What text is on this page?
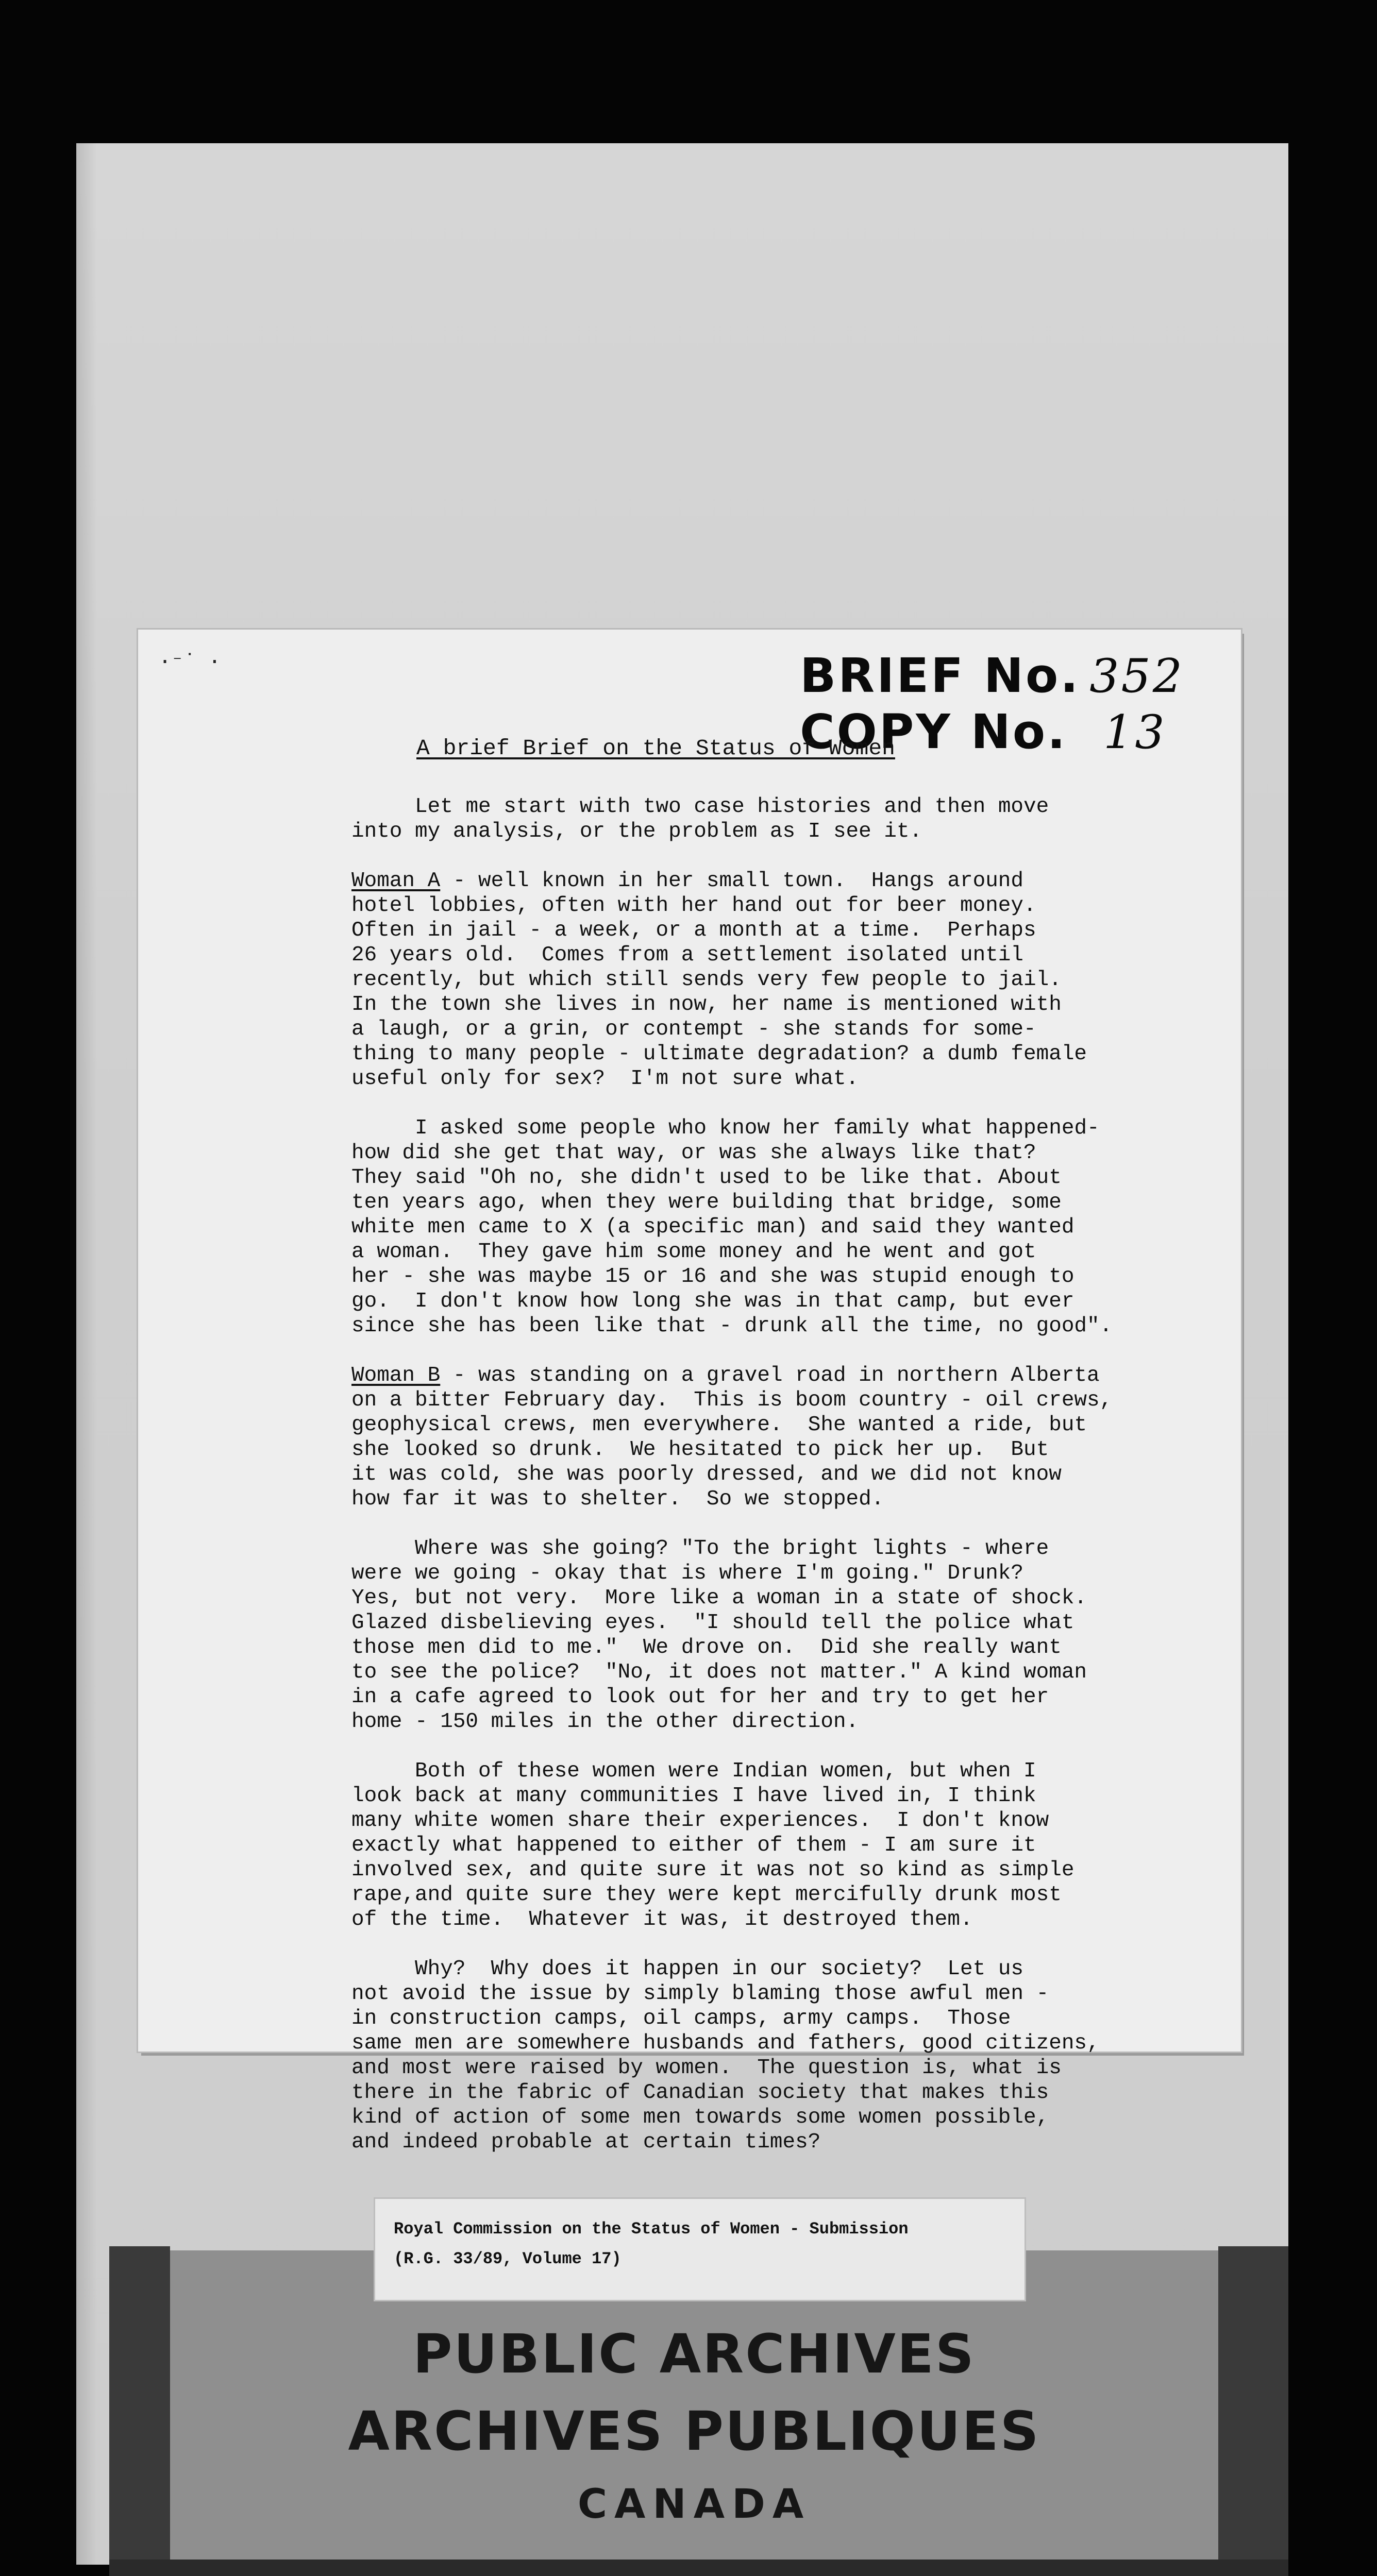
·⁻˙ ·	BRIEF No. 352
COPY No. 13
A brief Brief on the Status of Women

Let me start with two case histories and then move
into my analysis, or the problem as I see it.

Woman A - well known in her small town.  Hangs around
hotel lobbies, often with her hand out for beer money.
Often in jail - a week, or a month at a time.  Perhaps
26 years old.  Comes from a settlement isolated until
recently, but which still sends very few people to jail.
In the town she lives in now, her name is mentioned with
a laugh, or a grin, or contempt - she stands for some-
thing to many people - ultimate degradation? a dumb female
useful only for sex?  I'm not sure what.

I asked some people who know her family what happened-
how did she get that way, or was she always like that?
They said "Oh no, she didn't used to be like that. About
ten years ago, when they were building that bridge, some
white men came to X (a specific man) and said they wanted
a woman.  They gave him some money and he went and got
her - she was maybe 15 or 16 and she was stupid enough to
go.  I don't know how long she was in that camp, but ever
since she has been like that - drunk all the time, no good".

Woman B - was standing on a gravel road in northern Alberta
on a bitter February day.  This is boom country - oil crews,
geophysical crews, men everywhere.  She wanted a ride, but
she looked so drunk.  We hesitated to pick her up.  But
it was cold, she was poorly dressed, and we did not know
how far it was to shelter.  So we stopped.

Where was she going? "To the bright lights - where
were we going - okay that is where I'm going." Drunk?
Yes, but not very.  More like a woman in a state of shock.
Glazed disbelieving eyes.  "I should tell the police what
those men did to me."  We drove on.  Did she really want
to see the police?  "No, it does not matter." A kind woman
in a cafe agreed to look out for her and try to get her
home - 150 miles in the other direction.

Both of these women were Indian women, but when I
look back at many communities I have lived in, I think
many white women share their experiences.  I don't know
exactly what happened to either of them - I am sure it
involved sex, and quite sure it was not so kind as simple
rape,and quite sure they were kept mercifully drunk most
of the time.  Whatever it was, it destroyed them.

Why?  Why does it happen in our society?  Let us
not avoid the issue by simply blaming those awful men -
in construction camps, oil camps, army camps.  Those
same men are somewhere husbands and fathers, good citizens,
and most were raised by women.  The question is, what is
there in the fabric of Canadian society that makes this
kind of action of some men towards some women possible,
and indeed probable at certain times?

PUBLIC ARCHIVES
ARCHIVES PUBLIQUES
CANADA
Royal Commission on the Status of Women - Submission
(R.G. 33/89, Volume 17)
